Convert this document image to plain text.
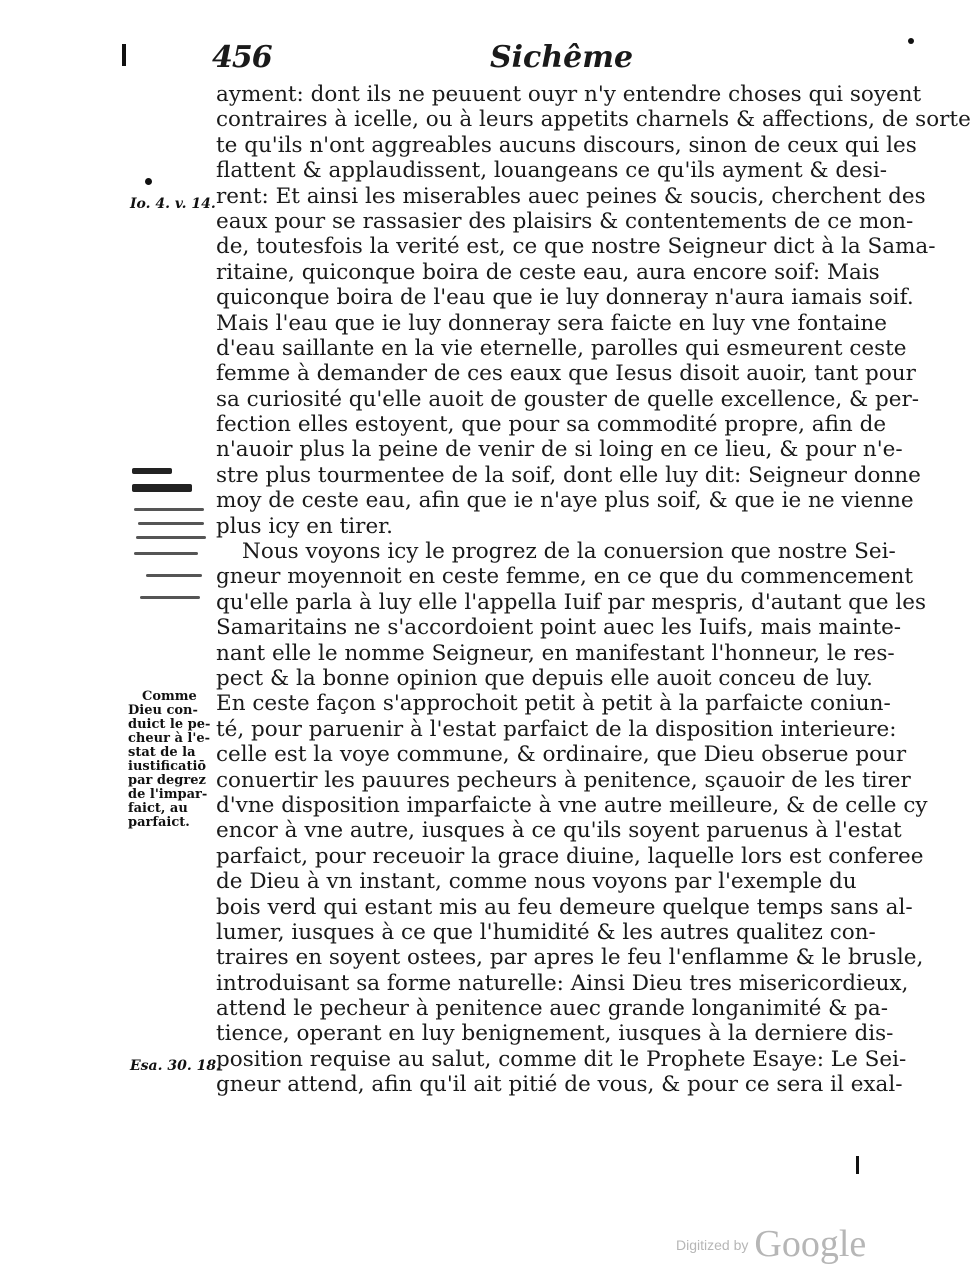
456	Sichême
Io. 4. v. 14.
Comme
Dieu con-
duict le pe-
cheur à l'e-
stat de la
iustificatiō
par degrez
de l'impar-
faict, au
parfaict.
Esa. 30. 18.
ayment: dont ils ne peuuent ouyr n'y entendre choses qui soyent
contraires à icelle, ou à leurs appetits charnels & affections, de sorte
te qu'ils n'ont aggreables aucuns discours, sinon de ceux qui les
flattent & applaudissent, louangeans ce qu'ils ayment & desi-
rent: Et ainsi les miserables auec peines & soucis, cherchent des
eaux pour se rassasier des plaisirs & contentements de ce mon-
de, toutesfois la verité est, ce que nostre Seigneur dict à la Sama-
ritaine, quiconque boira de ceste eau, aura encore soif: Mais
quiconque boira de l'eau que ie luy donneray n'aura iamais soif.
Mais l'eau que ie luy donneray sera faicte en luy vne fontaine
d'eau saillante en la vie eternelle, parolles qui esmeurent ceste
femme à demander de ces eaux que Iesus disoit auoir, tant pour
sa curiosité qu'elle auoit de gouster de quelle excellence, & per-
fection elles estoyent, que pour sa commodité propre, afin de
n'auoir plus la peine de venir de si loing en ce lieu, & pour n'e-
stre plus tourmentee de la soif, dont elle luy dit: Seigneur donne
moy de ceste eau, afin que ie n'aye plus soif, & que ie ne vienne
plus icy en tirer.
Nous voyons icy le progrez de la conuersion que nostre Sei-
gneur moyennoit en ceste femme, en ce que du commencement
qu'elle parla à luy elle l'appella Iuif par mespris, d'autant que les
Samaritains ne s'accordoient point auec les Iuifs, mais mainte-
nant elle le nomme Seigneur, en manifestant l'honneur, le res-
pect & la bonne opinion que depuis elle auoit conceu de luy.
En ceste façon s'approchoit petit à petit à la parfaicte coniun-
té, pour paruenir à l'estat parfaict de la disposition interieure:
celle est la voye commune, & ordinaire, que Dieu obserue pour
conuertir les pauures pecheurs à penitence, sçauoir de les tirer
d'vne disposition imparfaicte à vne autre meilleure, & de celle cy
encor à vne autre, iusques à ce qu'ils soyent paruenus à l'estat
parfaict, pour receuoir la grace diuine, laquelle lors est conferee
de Dieu à vn instant, comme nous voyons par l'exemple du
bois verd qui estant mis au feu demeure quelque temps sans al-
lumer, iusques à ce que l'humidité & les autres qualitez con-
traires en soyent ostees, par apres le feu l'enflamme & le brusle,
introduisant sa forme naturelle: Ainsi Dieu tres misericordieux,
attend le pecheur à penitence auec grande longanimité & pa-
tience, operant en luy benignement, iusques à la derniere dis-
position requise au salut, comme dit le Prophete Esaye: Le Sei-
gneur attend, afin qu'il ait pitié de vous, & pour ce sera il exal-
Digitized by Google
